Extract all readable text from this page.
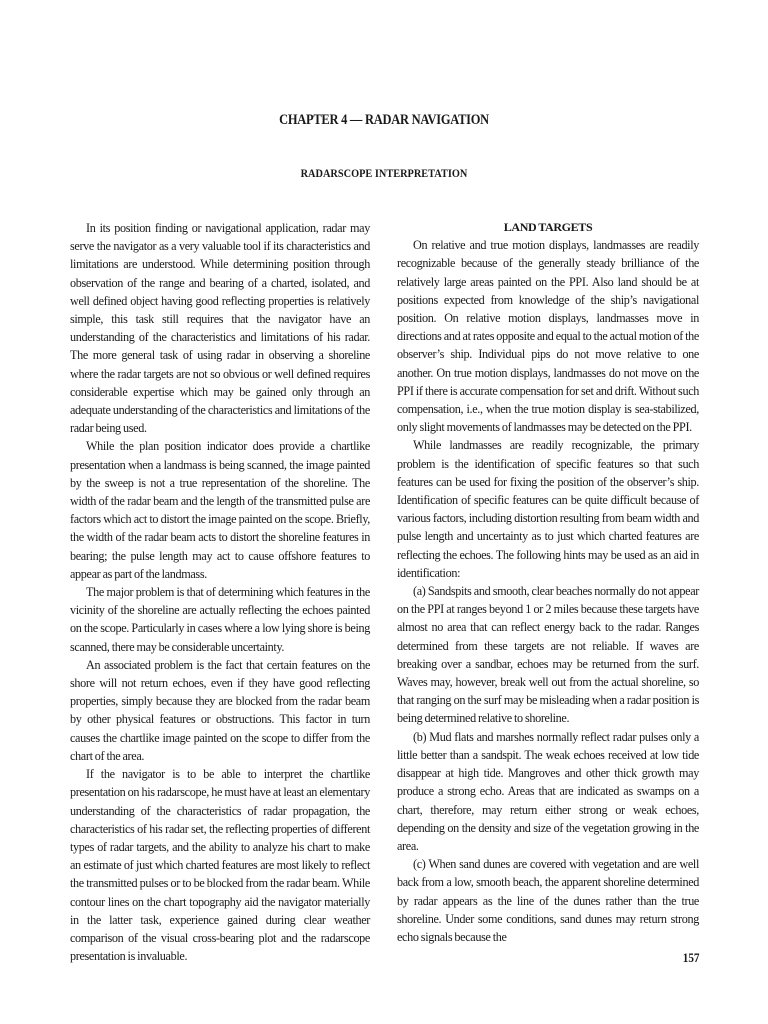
CHAPTER 4 — RADAR NAVIGATION
RADARSCOPE INTERPRETATION

In its position finding or navigational application, radar may serve the navigator as a very valuable tool if its characteristics and limitations are understood. While determining position through observation of the range and bearing of a charted, isolated, and well defined object having good reflecting properties is relatively simple, this task still requires that the navigator have an understanding of the characteristics and limitations of his radar. The more general task of using radar in observing a shoreline where the radar targets are not so obvious or well defined requires considerable expertise which may be gained only through an adequate understanding of the characteristics and limitations of the radar being used.

While the plan position indicator does provide a chartlike presentation when a landmass is being scanned, the image painted by the sweep is not a true representation of the shoreline. The width of the radar beam and the length of the transmitted pulse are factors which act to distort the image painted on the scope. Briefly, the width of the radar beam acts to distort the shoreline features in bearing; the pulse length may act to cause offshore features to appear as part of the landmass.

The major problem is that of determining which features in the vicinity of the shoreline are actually reflecting the echoes painted on the scope. Particularly in cases where a low lying shore is being scanned, there may be considerable uncertainty.

An associated problem is the fact that certain features on the shore will not return echoes, even if they have good reflecting properties, simply because they are blocked from the radar beam by other physical features or obstructions. This factor in turn causes the chartlike image painted on the scope to differ from the chart of the area.

If the navigator is to be able to interpret the chartlike presentation on his radarscope, he must have at least an elementary understanding of the characteristics of radar propagation, the characteristics of his radar set, the reflecting properties of different types of radar targets, and the ability to analyze his chart to make an estimate of just which charted features are most likely to reflect the transmitted pulses or to be blocked from the radar beam. While contour lines on the chart topography aid the navigator materially in the latter task, experience gained during clear weather comparison of the visual cross-bearing plot and the radarscope presentation is invaluable.

LAND TARGETS

On relative and true motion displays, landmasses are readily recognizable because of the generally steady brilliance of the relatively large areas painted on the PPI. Also land should be at positions expected from knowledge of the ship’s navigational position. On relative motion displays, landmasses move in directions and at rates opposite and equal to the actual motion of the observer’s ship. Individual pips do not move relative to one another. On true motion displays, landmasses do not move on the PPI if there is accurate compensation for set and drift. Without such compensation, i.e., when the true motion display is sea-stabilized, only slight movements of landmasses may be detected on the PPI.

While landmasses are readily recognizable, the primary problem is the identification of specific features so that such features can be used for fixing the position of the observer’s ship. Identification of specific features can be quite difficult because of various factors, including distortion resulting from beam width and pulse length and uncertainty as to just which charted features are reflecting the echoes. The following hints may be used as an aid in identification:

(a) Sandspits and smooth, clear beaches normally do not appear on the PPI at ranges beyond 1 or 2 miles because these targets have almost no area that can reflect energy back to the radar. Ranges determined from these targets are not reliable. If waves are breaking over a sandbar, echoes may be returned from the surf. Waves may, however, break well out from the actual shoreline, so that ranging on the surf may be misleading when a radar position is being determined relative to shoreline.

(b) Mud flats and marshes normally reflect radar pulses only a little better than a sandspit. The weak echoes received at low tide disappear at high tide. Mangroves and other thick growth may produce a strong echo. Areas that are indicated as swamps on a chart, therefore, may return either strong or weak echoes, depending on the density and size of the vegetation growing in the area.

(c) When sand dunes are covered with vegetation and are well back from a low, smooth beach, the apparent shoreline determined by radar appears as the line of the dunes rather than the true shoreline. Under some conditions, sand dunes may return strong echo signals because the

157
